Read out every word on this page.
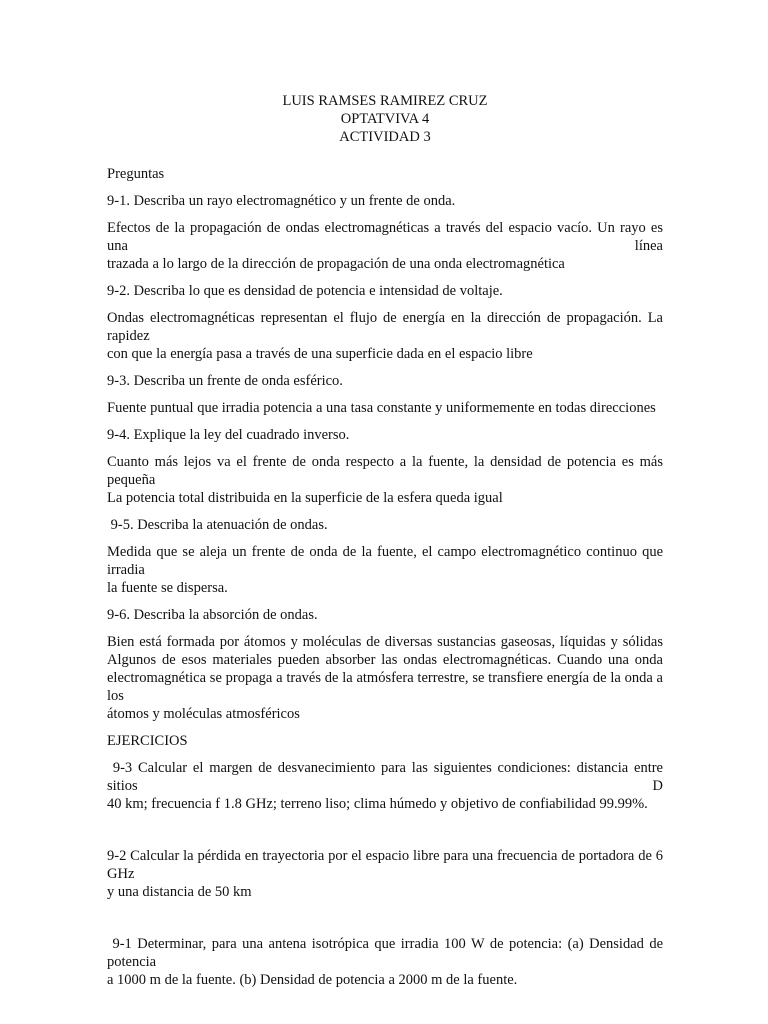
LUIS RAMSES RAMIREZ CRUZ
OPTATVIVA 4
ACTIVIDAD 3

Preguntas

9-1. Describa un rayo electromagnético y un frente de onda.

Efectos de la propagación de ondas electromagnéticas a través del espacio vacío. Un rayo es una línea
trazada a lo largo de la dirección de propagación de una onda electromagnética

9-2. Describa lo que es densidad de potencia e intensidad de voltaje.

Ondas electromagnéticas representan el flujo de energía en la dirección de propagación. La rapidez
con que la energía pasa a través de una superficie dada en el espacio libre

9-3. Describa un frente de onda esférico.

Fuente puntual que irradia potencia a una tasa constante y uniformemente en todas direcciones

9-4. Explique la ley del cuadrado inverso.

Cuanto más lejos va el frente de onda respecto a la fuente, la densidad de potencia es más pequeña
La potencia total distribuida en la superficie de la esfera queda igual

9-5. Describa la atenuación de ondas.

Medida que se aleja un frente de onda de la fuente, el campo electromagnético continuo que irradia
la fuente se dispersa.

9-6. Describa la absorción de ondas.

Bien está formada por átomos y moléculas de diversas sustancias gaseosas, líquidas y sólidas
Algunos de esos materiales pueden absorber las ondas electromagnéticas. Cuando una onda
electromagnética se propaga a través de la atmósfera terrestre, se transfiere energía de la onda a los
átomos y moléculas atmosféricos

EJERCICIOS

9-3 Calcular el margen de desvanecimiento para las siguientes condiciones: distancia entre sitios D
40 km; frecuencia f 1.8 GHz; terreno liso; clima húmedo y objetivo de confiabilidad 99.99%.

9-2 Calcular la pérdida en trayectoria por el espacio libre para una frecuencia de portadora de 6 GHz
y una distancia de 50 km

9-1 Determinar, para una antena isotrópica que irradia 100 W de potencia: (a) Densidad de potencia
a 1000 m de la fuente. (b) Densidad de potencia a 2000 m de la fuente.
